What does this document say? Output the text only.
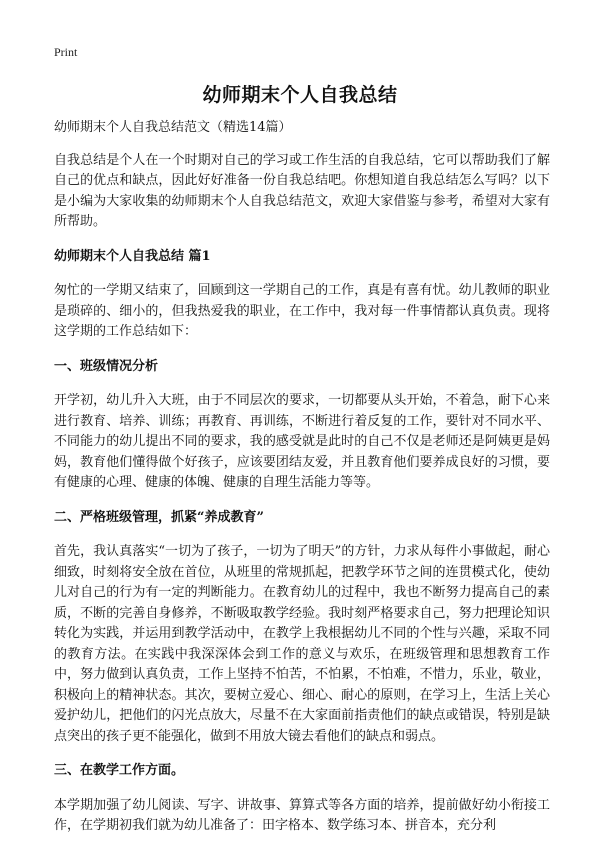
Print
幼师期末个人自我总结

幼师期末个人自我总结范文（精选14篇）

自我总结是个人在一个时期对自己的学习或工作生活的自我总结，它可以帮助我们了解自己的优点和缺点，因此好好准备一份自我总结吧。你想知道自我总结怎么写吗？以下是小编为大家收集的幼师期末个人自我总结范文，欢迎大家借鉴与参考，希望对大家有所帮助。

幼师期末个人自我总结 篇1

匆忙的一学期又结束了，回顾到这一学期自己的工作，真是有喜有忧。幼儿教师的职业是琐碎的、细小的，但我热爱我的职业，在工作中，我对每一件事情都认真负责。现将这学期的工作总结如下：

一、班级情况分析

开学初，幼儿升入大班，由于不同层次的要求，一切都要从头开始，不着急，耐下心来进行教育、培养、训练；再教育、再训练，不断进行着反复的工作，要针对不同水平、不同能力的幼儿提出不同的要求，我的感受就是此时的自己不仅是老师还是阿姨更是妈妈，教育他们懂得做个好孩子，应该要团结友爱，并且教育他们要养成良好的习惯，要有健康的心理、健康的体魄、健康的自理生活能力等等。

二、严格班级管理，抓紧“养成教育”

首先，我认真落实“一切为了孩子，一切为了明天”的方针，力求从每件小事做起，耐心细致，时刻将安全放在首位，从班里的常规抓起，把教学环节之间的连贯模式化，使幼儿对自己的行为有一定的判断能力。在教育幼儿的过程中，我也不断努力提高自己的素质，不断的完善自身修养，不断吸取教学经验。我时刻严格要求自己，努力把理论知识转化为实践，并运用到教学活动中，在教学上我根据幼儿不同的个性与兴趣，采取不同的教育方法。在实践中我深深体会到工作的意义与欢乐，在班级管理和思想教育工作中，努力做到认真负责，工作上坚持不怕苦，不怕累，不怕难，不惜力，乐业，敬业，积极向上的精神状态。其次，要树立爱心、细心、耐心的原则，在学习上，生活上关心爱护幼儿，把他们的闪光点放大，尽量不在大家面前指责他们的缺点或错误，特别是缺点突出的孩子更不能强化，做到不用放大镜去看他们的缺点和弱点。

三、在教学工作方面。

本学期加强了幼儿阅读、写字、讲故事、算算式等各方面的培养，提前做好幼小衔接工作，在学期初我们就为幼儿准备了：田字格本、数学练习本、拼音本，充分利
